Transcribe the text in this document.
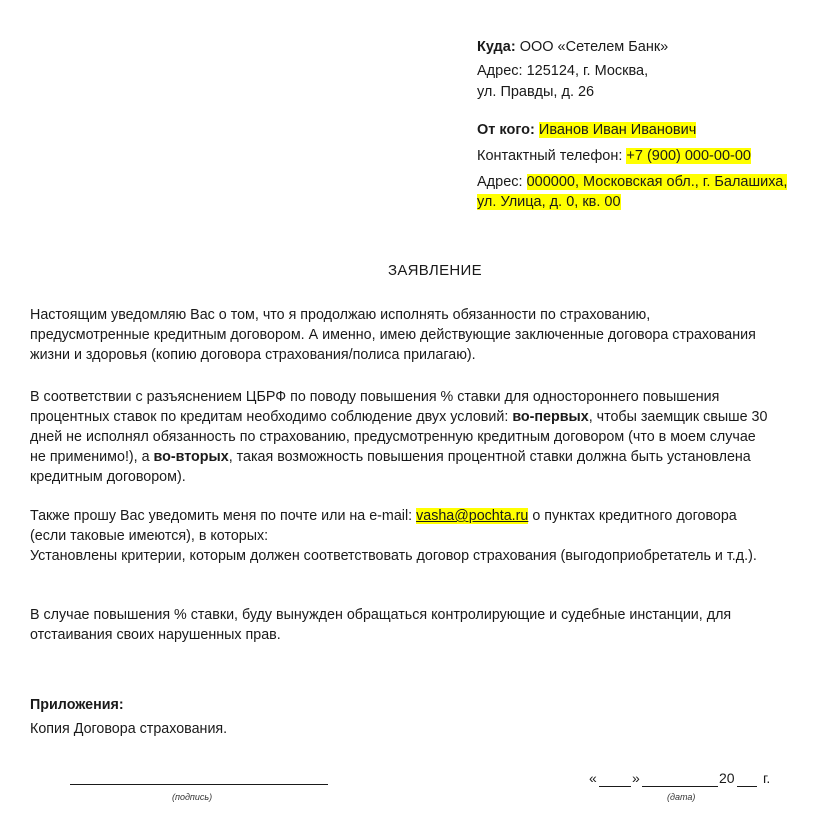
Куда: ООО «Сетелем Банк»
Адрес: 125124, г. Москва,
ул. Правды, д. 26
От кого: Иванов Иван Иванович
Контактный телефон: +7 (900) 000-00-00
Адрес: 000000, Московская обл., г. Балашиха,
ул. Улица, д. 0, кв. 00
ЗАЯВЛЕНИЕ
Настоящим уведомляю Вас о том, что я продолжаю исполнять обязанности по страхованию,
предусмотренные кредитным договором. А именно, имею действующие заключенные договора страхования
жизни и здоровья (копию договора страхования/полиса прилагаю).
В соответствии с разъяснением ЦБРФ по поводу повышения % ставки для одностороннего повышения
процентных ставок по кредитам необходимо соблюдение двух условий: во-первых, чтобы заемщик свыше 30
дней не исполнял обязанность по страхованию, предусмотренную кредитным договором (что в моем случае
не применимо!), а во-вторых, такая возможность повышения процентной ставки должна быть установлена
кредитным договором).
Также прошу Вас уведомить меня по почте или на e-mail: vasha@pochta.ru о пунктах кредитного договора
(если таковые имеются), в которых:
Установлены критерии, которым должен соответствовать договор страхования (выгодоприобретатель и т.д.).
В случае повышения % ставки, буду вынужден обращаться контролирующие и судебные инстанции, для
отстаивания своих нарушенных прав.
Приложения:
Копия Договора страхования.
(подпись)
«	»	20 г.
(дата)
